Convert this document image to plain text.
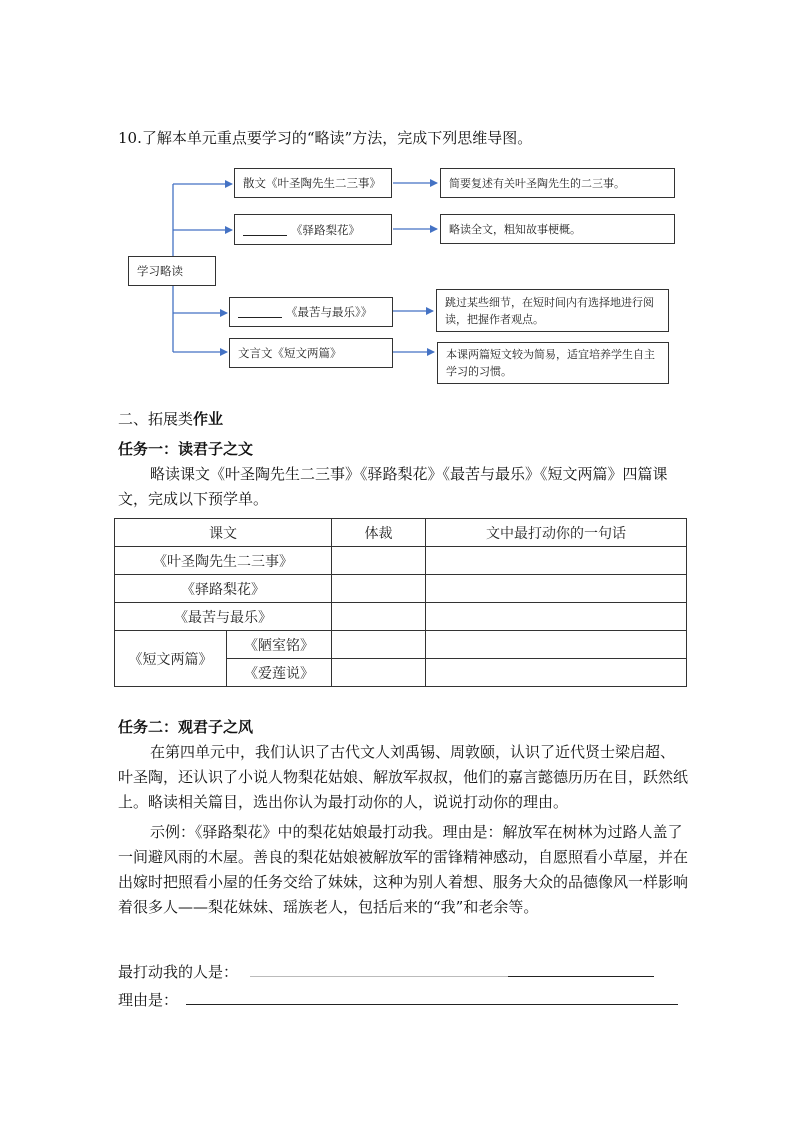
10.了解本单元重点要学习的“略读”方法，完成下列思维导图。
学习略读
散文 《叶圣陶先生二三事》
《驿路梨花》
《最苦与最乐》》
文言文 《短文两篇》
简要复述有关叶圣陶先生的二三事。
略读全文，粗知故事梗概。
跳过某些细节，在短时间内有选择地进行阅读，把握作者观点。
本课两篇短文较为简易，适宜培养学生自主学习的习惯。
二、拓展类作业
任务一：读君子之文
略读课文《叶圣陶先生二三事》《驿路梨花》《最苦与最乐》《短文两篇》四篇课文，完成以下预学单。
课文		体裁	文中最打动你的一句话
《叶圣陶先生二三事》			
《驿路梨花》			
《最苦与最乐》			
《短文两篇》	《陋室铭》		
	《爱莲说》		
任务二：观君子之风
在第四单元中，我们认识了古代文人刘禹锡、周敦颐，认识了近代贤士梁启超、叶圣陶，还认识了小说人物梨花姑娘、解放军叔叔，他们的嘉言懿德历历在目，跃然纸上。略读相关篇目，选出你认为最打动你的人，说说打动你的理由。
示例：《驿路梨花》中的梨花姑娘最打动我。理由是：解放军在树林为过路人盖了一间避风雨的木屋。善良的梨花姑娘被解放军的雷锋精神感动，自愿照看小草屋，并在出嫁时把照看小屋的任务交给了妹妹，这种为别人着想、服务大众的品德像风一样影响着很多人——梨花妹妹、瑶族老人，包括后来的“我”和老余等。
最打动我的人是：
理由是：
